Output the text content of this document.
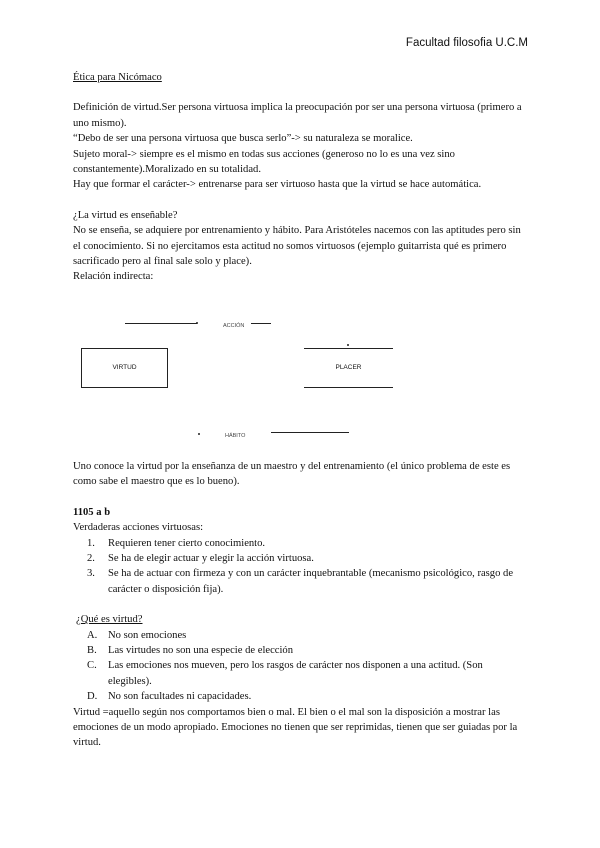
Facultad filosofia U.C.M

Ética para Nicómaco

Definición de virtud.Ser persona virtuosa implica la preocupación por ser una persona virtuosa (primero a uno mismo).

“Debo de ser una persona virtuosa que busca serlo”-> su naturaleza se moralice.

Sujeto moral-> siempre es el mismo en todas sus acciones (generoso no lo es una vez sino constantemente).Moralizado en su totalidad.

Hay que formar el carácter-> entrenarse para ser virtuoso hasta que la virtud se hace automática.

¿La virtud es enseñable?

No se enseña, se adquiere por entrenamiento y hábito. Para Aristóteles nacemos con las aptitudes pero sin el conocimiento. Si no ejercitamos esta actitud no somos virtuosos (ejemplo guitarrista qué es primero sacrificado pero al final sale solo y place).

Relación indirecta:

ACCIÓN
VIRTUD	PLACER
HÁBITO

Uno conoce la virtud por la enseñanza de un maestro y del entrenamiento (el único problema de este es como sabe el maestro que es lo bueno).

1105 a b

Verdaderas acciones virtuosas:

1. Requieren tener cierto conocimiento.
2. Se ha de elegir actuar y elegir la acción virtuosa.
3. Se ha de actuar con firmeza y con un carácter inquebrantable (mecanismo psicológico, rasgo de carácter o disposición fija).

¿Qué es virtud?

A. No son emociones
B. Las virtudes no son una especie de elección
C. Las emociones nos mueven, pero los rasgos de carácter nos disponen a una actitud. (Son elegibles).
D. No son facultades ni capacidades.

Virtud =aquello según nos comportamos bien o mal. El bien o el mal son la disposición a mostrar las emociones de un modo apropiado. Emociones no tienen que ser reprimidas, tienen que ser guiadas por la virtud.
